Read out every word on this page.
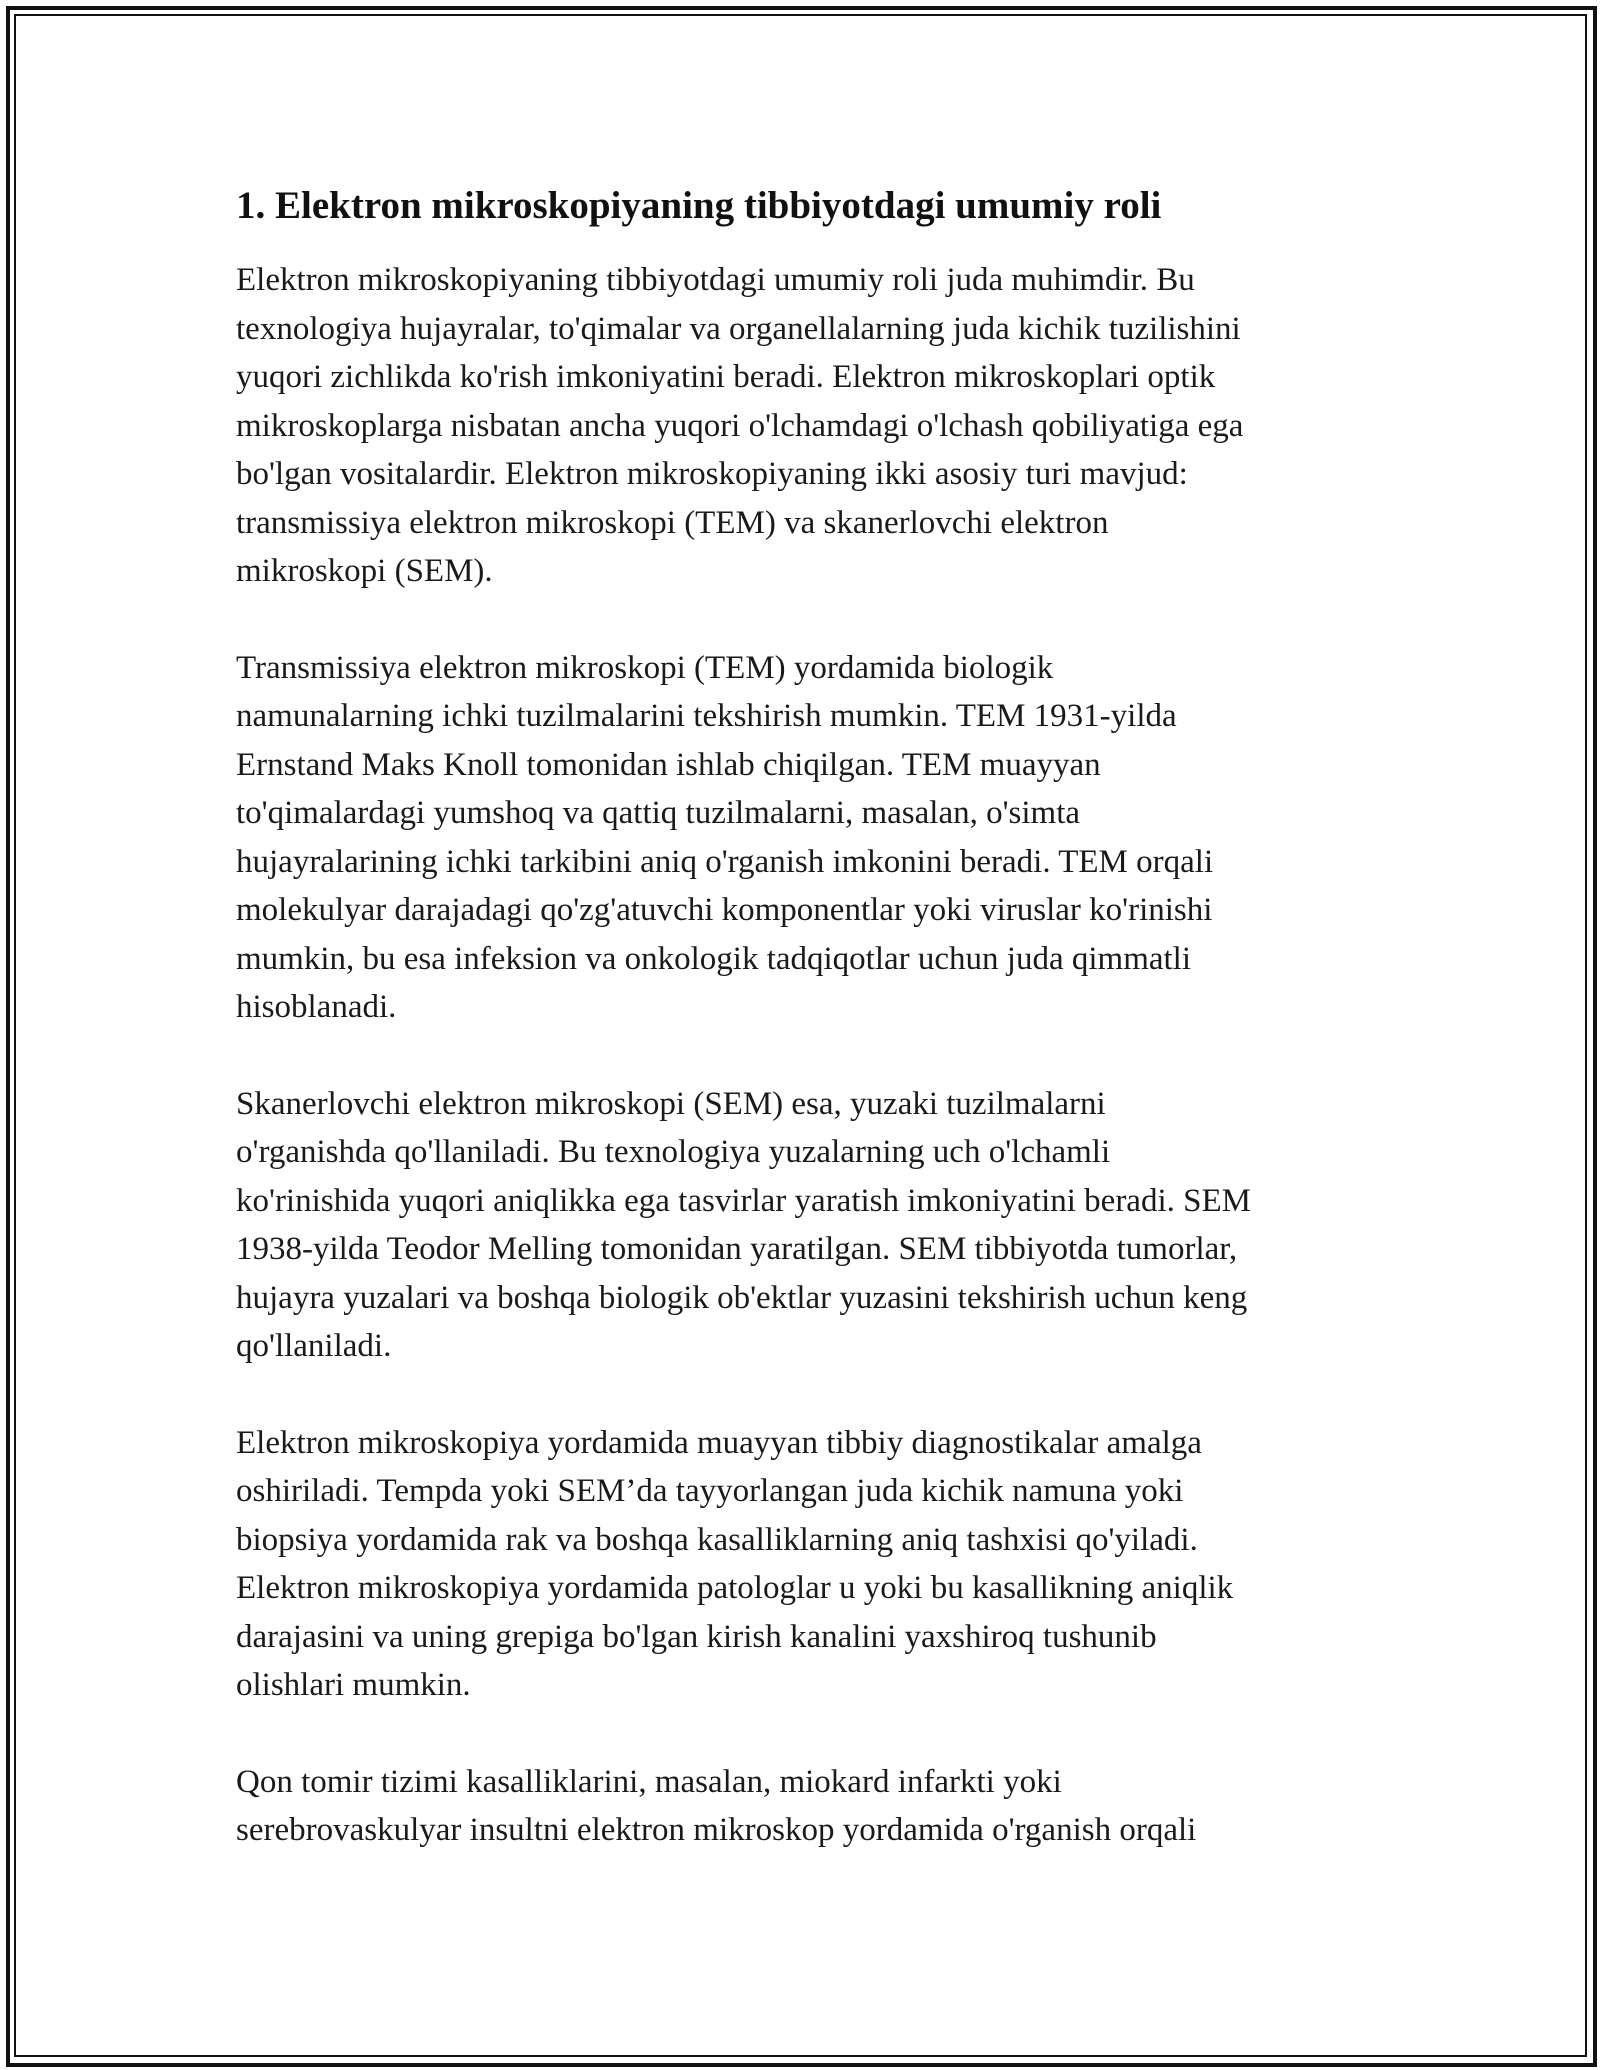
1. Elektron mikroskopiyaning tibbiyotdagi umumiy roli
Elektron mikroskopiyaning tibbiyotdagi umumiy roli juda muhimdir. Bu
texnologiya hujayralar, to'qimalar va organellalarning juda kichik tuzilishini
yuqori zichlikda ko'rish imkoniyatini beradi. Elektron mikroskoplari optik
mikroskoplarga nisbatan ancha yuqori o'lchamdagi o'lchash qobiliyatiga ega
bo'lgan vositalardir. Elektron mikroskopiyaning ikki asosiy turi mavjud:
transmissiya elektron mikroskopi (TEM) va skanerlovchi elektron
mikroskopi (SEM).
Transmissiya elektron mikroskopi (TEM) yordamida biologik
namunalarning ichki tuzilmalarini tekshirish mumkin. TEM 1931-yilda
Ernstand Maks Knoll tomonidan ishlab chiqilgan. TEM muayyan
to'qimalardagi yumshoq va qattiq tuzilmalarni, masalan, o'simta
hujayralarining ichki tarkibini aniq o'rganish imkonini beradi. TEM orqali
molekulyar darajadagi qo'zg'atuvchi komponentlar yoki viruslar ko'rinishi
mumkin, bu esa infeksion va onkologik tadqiqotlar uchun juda qimmatli
hisoblanadi.
Skanerlovchi elektron mikroskopi (SEM) esa, yuzaki tuzilmalarni
o'rganishda qo'llaniladi. Bu texnologiya yuzalarning uch o'lchamli
ko'rinishida yuqori aniqlikka ega tasvirlar yaratish imkoniyatini beradi. SEM
1938-yilda Teodor Melling tomonidan yaratilgan. SEM tibbiyotda tumorlar,
hujayra yuzalari va boshqa biologik ob'ektlar yuzasini tekshirish uchun keng
qo'llaniladi.
Elektron mikroskopiya yordamida muayyan tibbiy diagnostikalar amalga
oshiriladi. Tempda yoki SEM’da tayyorlangan juda kichik namuna yoki
biopsiya yordamida rak va boshqa kasalliklarning aniq tashxisi qo'yiladi.
Elektron mikroskopiya yordamida patologlar u yoki bu kasallikning aniqlik
darajasini va uning grepiga bo'lgan kirish kanalini yaxshiroq tushunib
olishlari mumkin.
Qon tomir tizimi kasalliklarini, masalan, miokard infarkti yoki
serebrovaskulyar insultni elektron mikroskop yordamida o'rganish orqali
